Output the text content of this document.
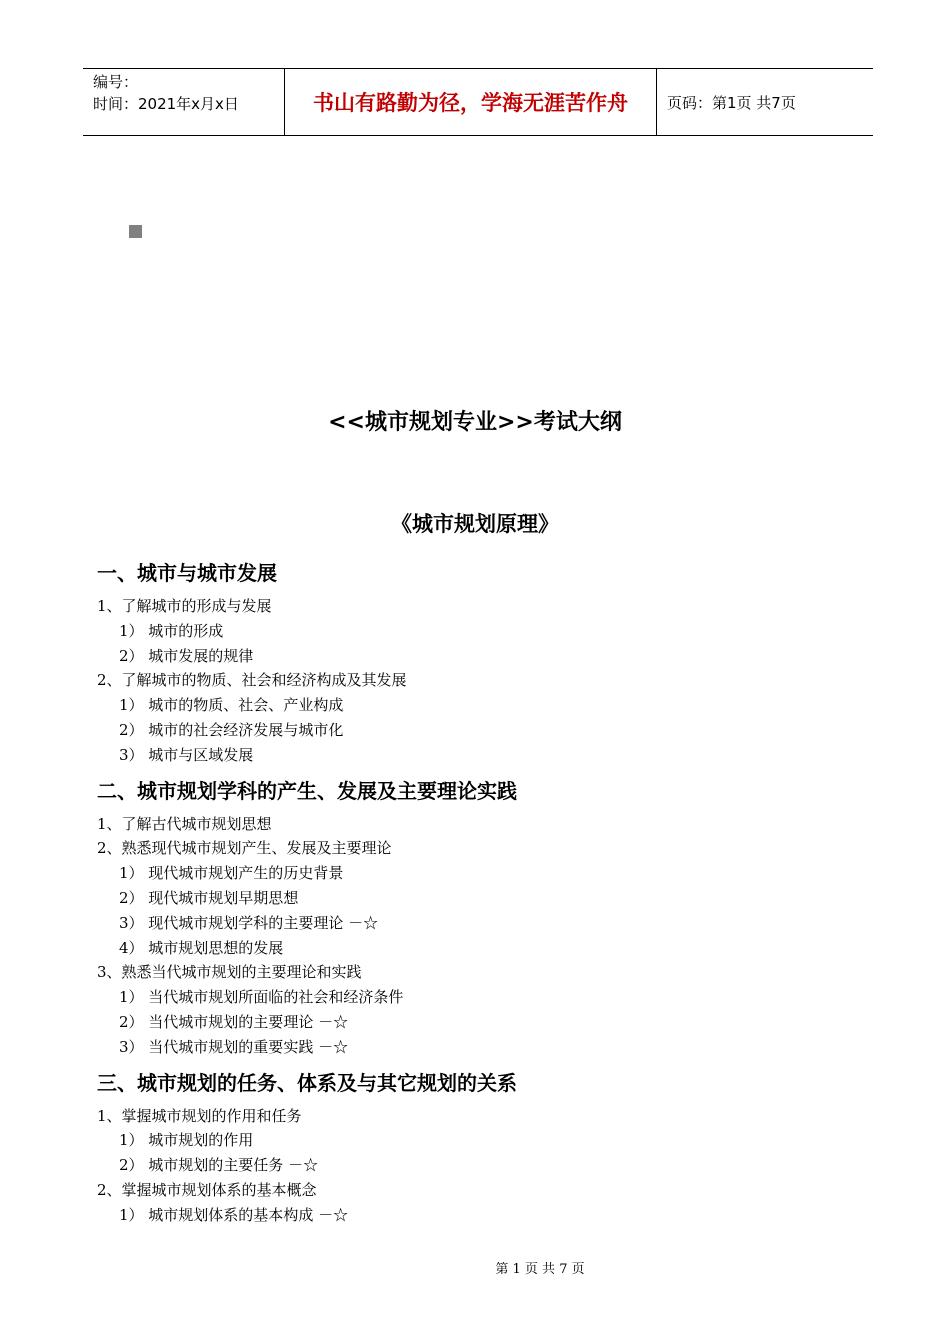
编号：
时间：2021年x月x日	书山有路勤为径，学海无涯苦作舟	页码：第1页 共7页
<<城市规划专业>>考试大纲
《城市规划原理》
一、城市与城市发展
1、了解城市的形成与发展
1） 城市的形成
2） 城市发展的规律
2、了解城市的物质、社会和经济构成及其发展
1） 城市的物质、社会、产业构成
2） 城市的社会经济发展与城市化
3） 城市与区域发展
二、城市规划学科的产生、发展及主要理论实践
1、了解古代城市规划思想
2、熟悉现代城市规划产生、发展及主要理论
1） 现代城市规划产生的历史背景
2） 现代城市规划早期思想
3） 现代城市规划学科的主要理论 －☆
4） 城市规划思想的发展
3、熟悉当代城市规划的主要理论和实践
1） 当代城市规划所面临的社会和经济条件
2） 当代城市规划的主要理论 －☆
3） 当代城市规划的重要实践 －☆
三、城市规划的任务、体系及与其它规划的关系
1、掌握城市规划的作用和任务
1） 城市规划的作用
2） 城市规划的主要任务 －☆
2、掌握城市规划体系的基本概念
1） 城市规划体系的基本构成 －☆
第 1 页 共 7 页
